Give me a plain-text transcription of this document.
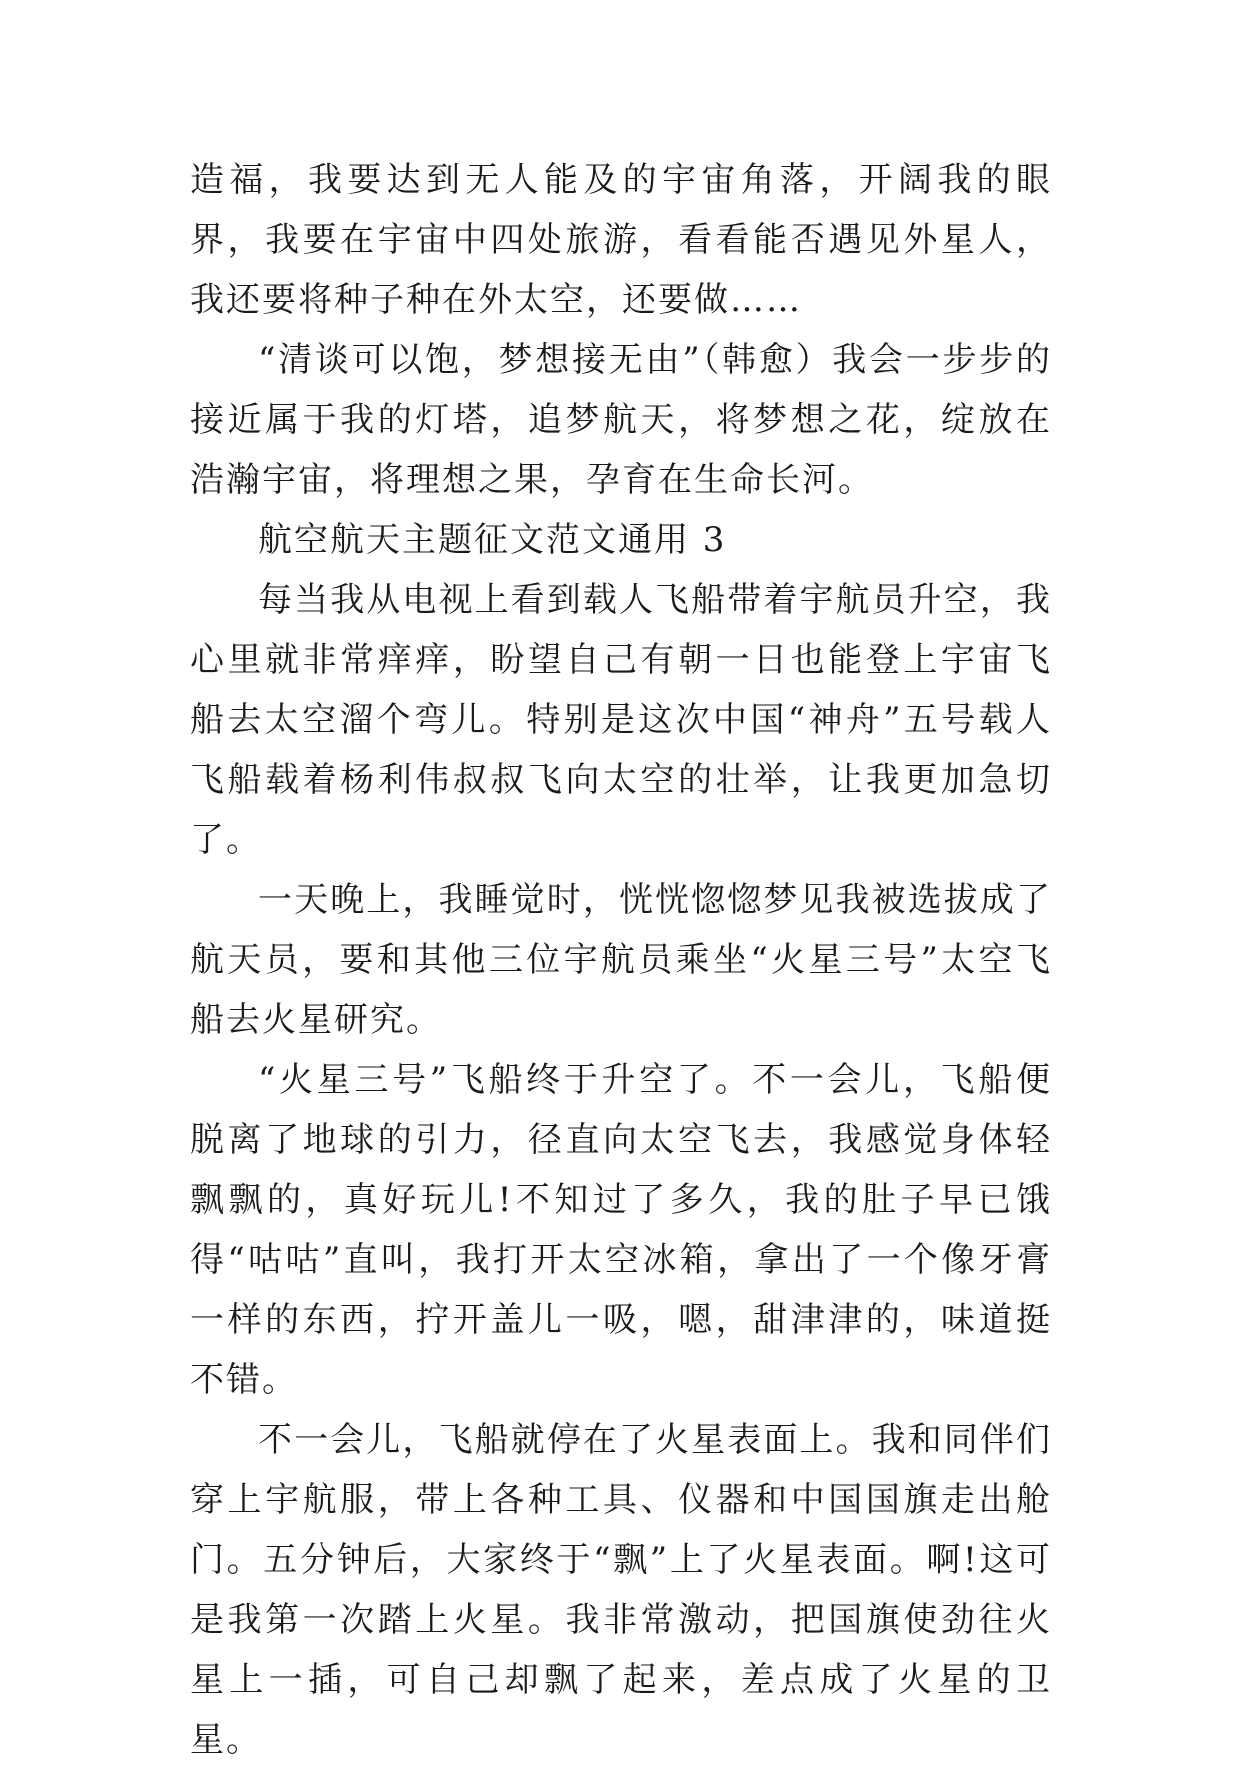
造福，我要达到无人能及的宇宙角落，开阔我的眼界，我要在宇宙中四处旅游，看看能否遇见外星人，我还要将种子种在外太空，还要做……

“清谈可以饱，梦想接无由”（韩愈）我会一步步的接近属于我的灯塔，追梦航天，将梦想之花，绽放在浩瀚宇宙，将理想之果，孕育在生命长河。

航空航天主题征文范文通用 3

每当我从电视上看到载人飞船带着宇航员升空，我心里就非常痒痒，盼望自己有朝一日也能登上宇宙飞船去太空溜个弯儿。特别是这次中国“神舟”五号载人飞船载着杨利伟叔叔飞向太空的壮举，让我更加急切了。

一天晚上，我睡觉时，恍恍惚惚梦见我被选拔成了航天员，要和其他三位宇航员乘坐“火星三号”太空飞船去火星研究。

“火星三号”飞船终于升空了。不一会儿，飞船便脱离了地球的引力，径直向太空飞去，我感觉身体轻飘飘的，真好玩儿!不知过了多久，我的肚子早已饿得“咕咕”直叫，我打开太空冰箱，拿出了一个像牙膏一样的东西，拧开盖儿一吸，嗯，甜津津的，味道挺不错。

不一会儿，飞船就停在了火星表面上。我和同伴们穿上宇航服，带上各种工具、仪器和中国国旗走出舱门。五分钟后，大家终于“飘”上了火星表面。啊!这可是我第一次踏上火星。我非常激动，把国旗使劲往火星上一插，可自己却飘了起来，差点成了火星的卫星。
